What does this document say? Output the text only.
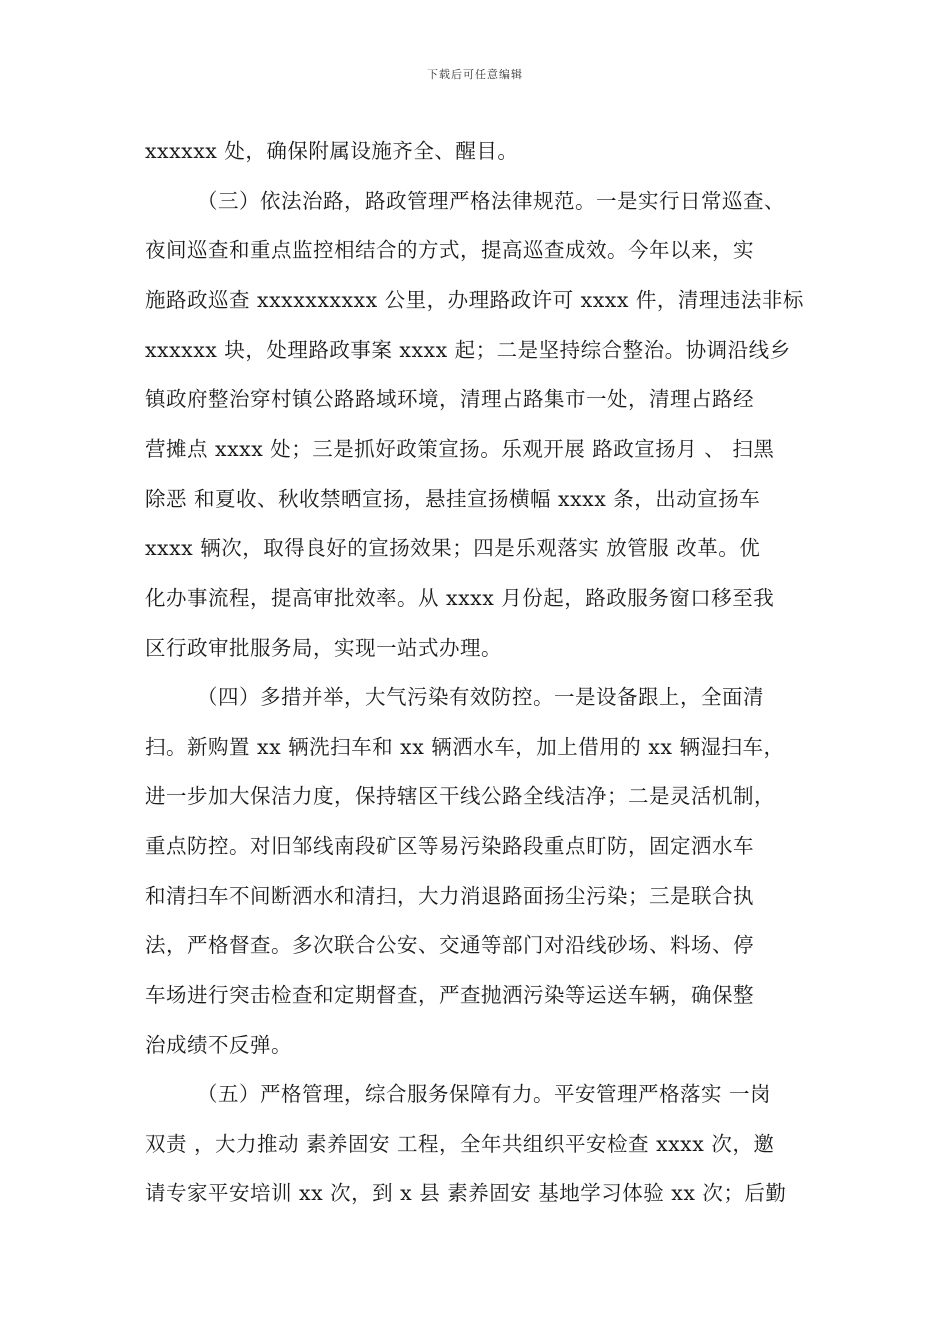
下载后可任意编辑
xxxxxx 处，确保附属设施齐全、醒目。
（三）依法治路，路政管理严格法律规范。一是实行日常巡查、
夜间巡查和重点监控相结合的方式，提高巡查成效。今年以来，实
施路政巡查 xxxxxxxxxx 公里，办理路政许可 xxxx 件，清理违法非标
xxxxxx 块，处理路政事案 xxxx 起；二是坚持综合整治。协调沿线乡
镇政府整治穿村镇公路路域环境，清理占路集市一处，清理占路经
营摊点 xxxx 处；三是抓好政策宣扬。乐观开展 路政宣扬月 、 扫黑
除恶 和夏收、秋收禁晒宣扬，悬挂宣扬横幅 xxxx 条，出动宣扬车
xxxx 辆次，取得良好的宣扬效果；四是乐观落实 放管服 改革。优
化办事流程，提高审批效率。从 xxxx 月份起，路政服务窗口移至我
区行政审批服务局，实现一站式办理。
（四）多措并举，大气污染有效防控。一是设备跟上，全面清
扫。新购置 xx 辆洗扫车和 xx 辆洒水车，加上借用的 xx 辆湿扫车，
进一步加大保洁力度，保持辖区干线公路全线洁净；二是灵活机制，
重点防控。对旧邹线南段矿区等易污染路段重点盯防，固定洒水车
和清扫车不间断洒水和清扫，大力消退路面扬尘污染；三是联合执
法，严格督查。多次联合公安、交通等部门对沿线砂场、料场、停
车场进行突击检查和定期督查，严查抛洒污染等运送车辆，确保整
治成绩不反弹。
（五）严格管理，综合服务保障有力。平安管理严格落实 一岗
双责 ，大力推动 素养固安 工程，全年共组织平安检查 xxxx 次，邀
请专家平安培训 xx 次，到 x 县 素养固安 基地学习体验 xx 次；后勤
